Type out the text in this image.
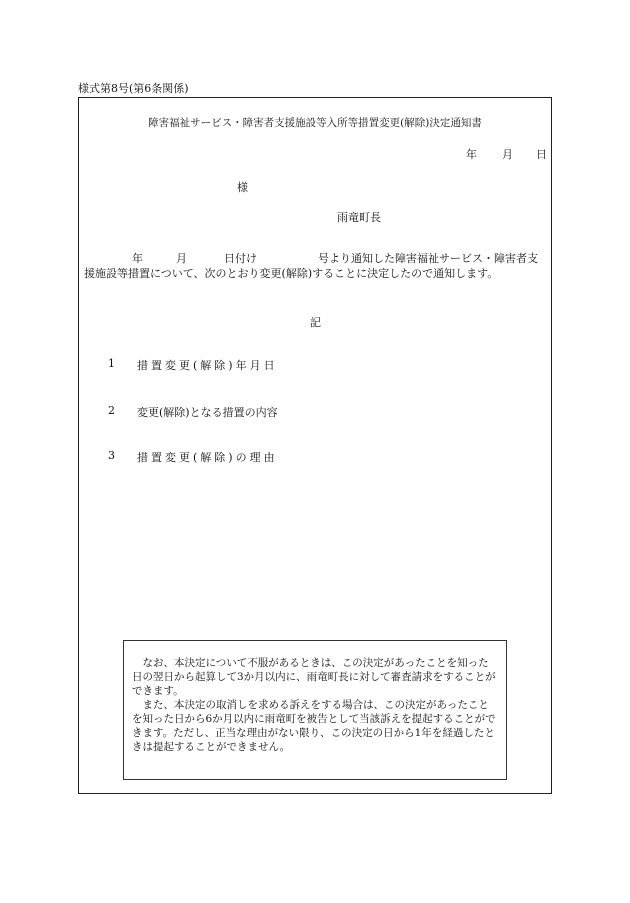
様式第8号(第6条関係)
障害福祉サービス・障害者支援施設等入所等措置変更(解除)決定通知書
年 月 日
様
雨竜町長
年	月	日付け	号より通知した障害福祉サービス・障害者支
援施設等措置について、次のとおり変更(解除)することに決定したので通知します。
記
1 措置変更(解除)年月日
2 変更(解除)となる措置の内容
3 措置変更(解除)の理由

なお、本決定について不服があるときは、この決定があったことを知った日の翌日から起算して3か月以内に、雨竜町長に対して審査請求をすることができます。

また、本決定の取消しを求める訴えをする場合は、この決定があったことを知った日から6か月以内に雨竜町を被告として当該訴えを提起することができます。ただし、正当な理由がない限り、この決定の日から1年を経過したときは提起することができません。
